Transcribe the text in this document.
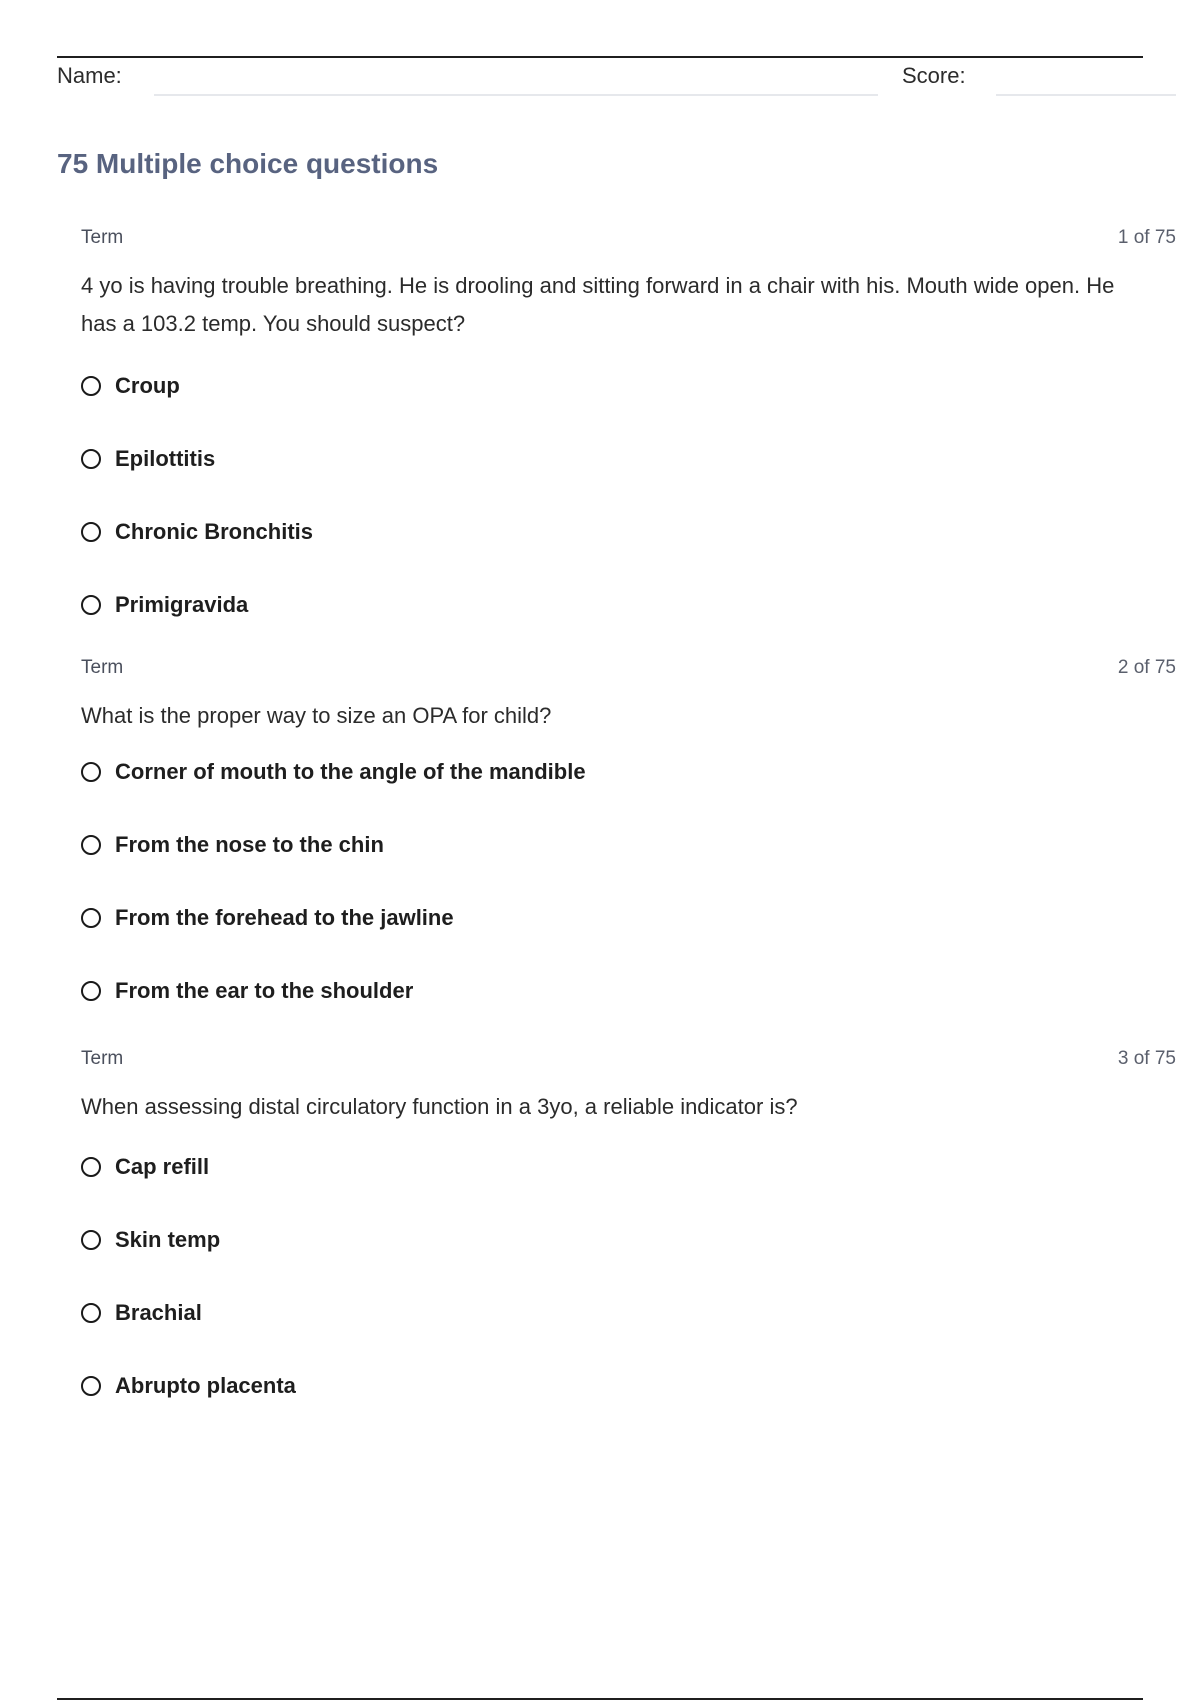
Name:	Score:
75 Multiple choice questions
Term	1 of 75
4 yo is having trouble breathing. He is drooling and sitting forward in a chair with his. Mouth wide open. He has a 103.2 temp. You should suspect?
Croup
Epilottitis
Chronic Bronchitis
Primigravida
Term	2 of 75
What is the proper way to size an OPA for child?
Corner of mouth to the angle of the mandible
From the nose to the chin
From the forehead to the jawline
From the ear to the shoulder
Term	3 of 75
When assessing distal circulatory function in a 3yo, a reliable indicator is?
Cap refill
Skin temp
Brachial
Abrupto placenta
